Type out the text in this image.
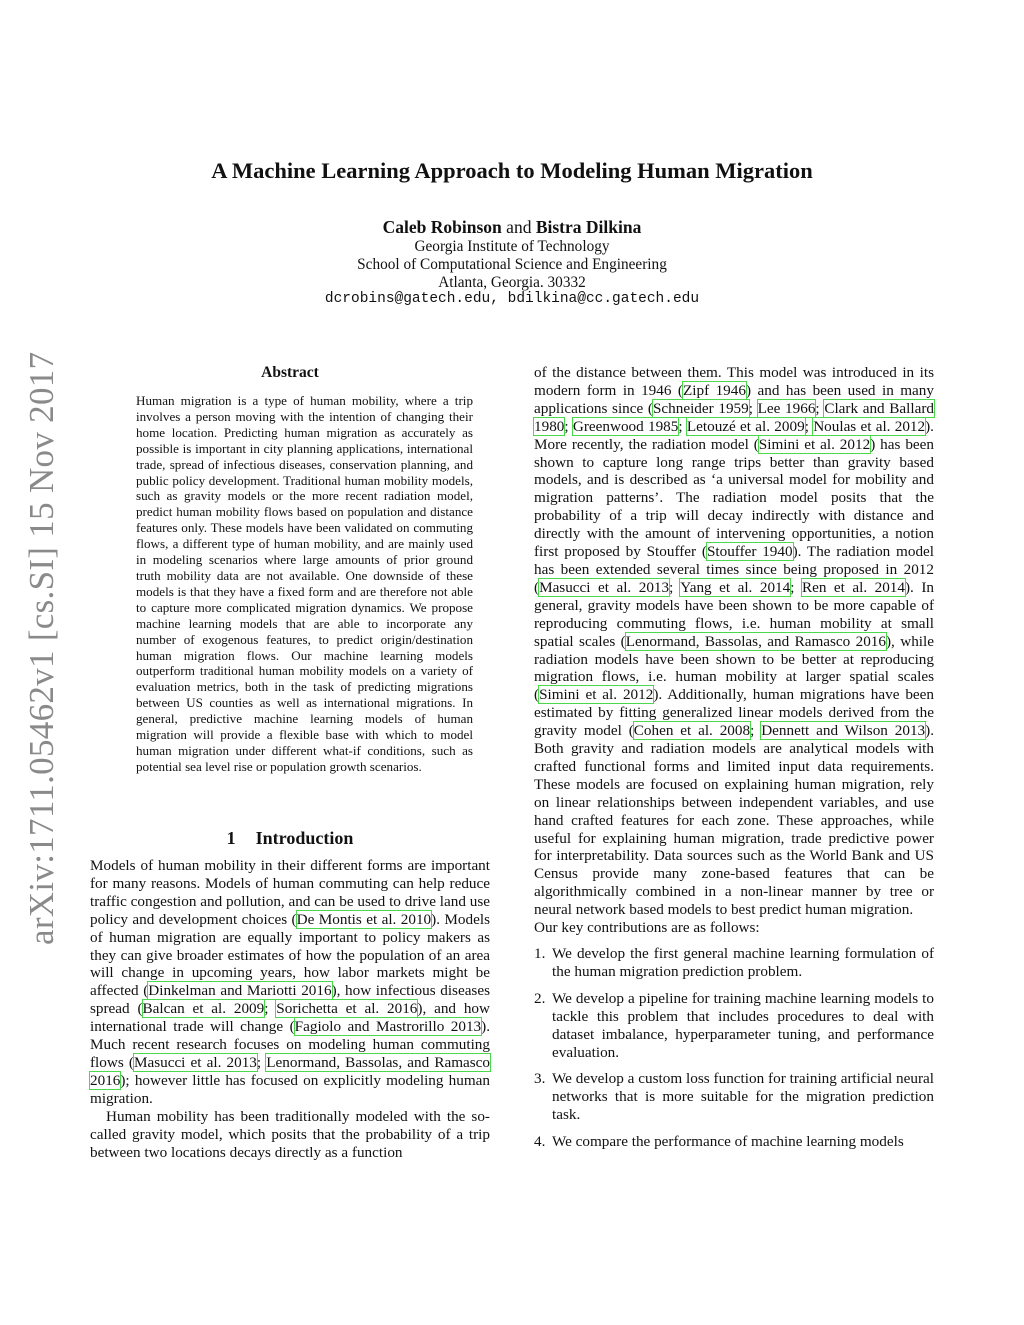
arXiv:1711.05462v1 [cs.SI] 15 Nov 2017
A Machine Learning Approach to Modeling Human Migration
Caleb Robinson and Bistra Dilkina
Georgia Institute of Technology
School of Computational Science and Engineering
Atlanta, Georgia. 30332
dcrobins@gatech.edu, bdilkina@cc.gatech.edu
Abstract
Human migration is a type of human mobility, where a trip involves a person moving with the intention of changing their home location. Predicting human migration as accurately as possible is important in city planning applications, international trade, spread of infectious diseases, conservation planning, and public policy development. Traditional human mobility models, such as gravity models or the more recent radiation model, predict human mobility flows based on population and distance features only. These models have been validated on commuting flows, a different type of human mobility, and are mainly used in modeling scenarios where large amounts of prior ground truth mobility data are not available. One downside of these models is that they have a fixed form and are therefore not able to capture more complicated migration dynamics. We propose machine learning models that are able to incorporate any number of exogenous features, to predict origin/destination human migration flows. Our machine learning models outperform traditional human mobility models on a variety of evaluation metrics, both in the task of predicting migrations between US counties as well as international migrations. In general, predictive machine learning models of human migration will provide a flexible base with which to model human migration under different what-if conditions, such as potential sea level rise or population growth scenarios.
1 Introduction

Models of human mobility in their different forms are important for many reasons. Models of human commuting can help reduce traffic congestion and pollution, and can be used to drive land use policy and development choices (De Montis et al. 2010). Models of human migration are equally important to policy makers as they can give broader estimates of how the population of an area will change in upcoming years, how labor markets might be affected (Dinkelman and Mariotti 2016), how infectious diseases spread (Balcan et al. 2009; Sorichetta et al. 2016), and how international trade will change (Fagiolo and Mastrorillo 2013). Much recent research focuses on modeling human commuting flows (Masucci et al. 2013; Lenormand, Bassolas, and Ramasco 2016); however little has focused on explicitly modeling human migration.

Human mobility has been traditionally modeled with the so-called gravity model, which posits that the probability of a trip between two locations decays directly as a function

of the distance between them. This model was introduced in its modern form in 1946 (Zipf 1946) and has been used in many applications since (Schneider 1959; Lee 1966; Clark and Ballard 1980; Greenwood 1985; Letouzé et al. 2009; Noulas et al. 2012). More recently, the radiation model (Simini et al. 2012) has been shown to capture long range trips better than gravity based models, and is described as ‘a universal model for mobility and migration patterns’. The radiation model posits that the probability of a trip will decay indirectly with distance and directly with the amount of intervening opportunities, a notion first proposed by Stouffer (Stouffer 1940). The radiation model has been extended several times since being proposed in 2012 (Masucci et al. 2013; Yang et al. 2014; Ren et al. 2014). In general, gravity models have been shown to be more capable of reproducing commuting flows, i.e. human mobility at small spatial scales (Lenormand, Bassolas, and Ramasco 2016), while radiation models have been shown to be better at reproducing migration flows, i.e. human mobility at larger spatial scales (Simini et al. 2012). Additionally, human migrations have been estimated by fitting generalized linear models derived from the gravity model (Cohen et al. 2008; Dennett and Wilson 2013). Both gravity and radiation models are analytical models with crafted functional forms and limited input data requirements. These models are focused on explaining human migration, rely on linear relationships between independent variables, and use hand crafted features for each zone. These approaches, while useful for explaining human migration, trade predictive power for interpretability. Data sources such as the World Bank and US Census provide many zone-based features that can be algorithmically combined in a non-linear manner by tree or neural network based models to best predict human migration.

Our key contributions are as follows:

1. We develop the first general machine learning formulation of the human migration prediction problem.
2. We develop a pipeline for training machine learning models to tackle this problem that includes procedures to deal with dataset imbalance, hyperparameter tuning, and performance evaluation.
3. We develop a custom loss function for training artificial neural networks that is more suitable for the migration prediction task.
4. We compare the performance of machine learning models
